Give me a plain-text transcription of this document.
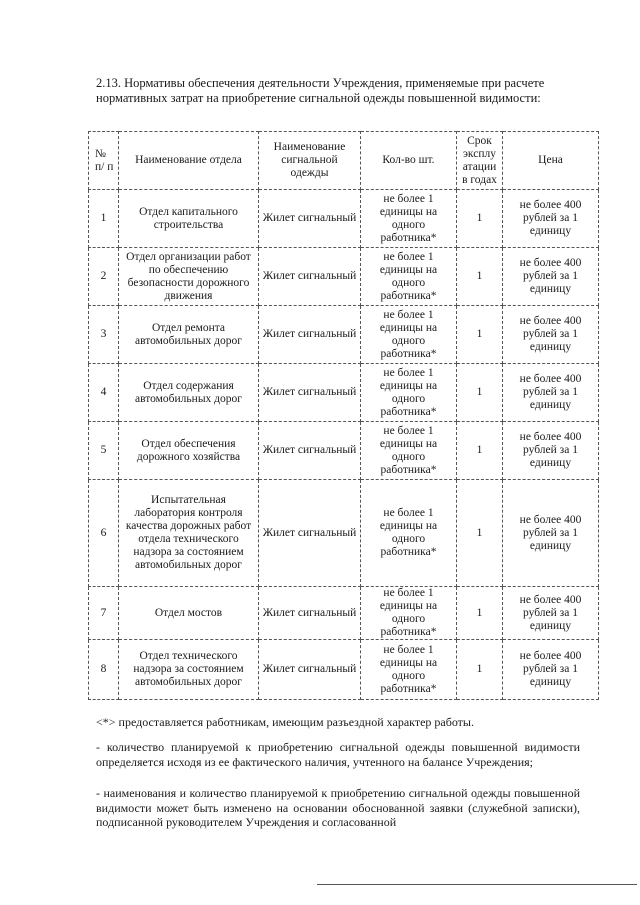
2.13. Нормативы обеспечения деятельности Учреждения, применяемые при расчете
нормативных затрат на приобретение сигнальной одежды повышенной видимости:
№ п/ п	Наименование отдела	Наименование сигнальной одежды	Кол-во шт.	Срок эксплу атации в годах	Цена
1	Отдел капитального строительства	Жилет сигнальный	не более 1 единицы на одного работника*	1	не более 400 рублей за 1 единицу
2	Отдел организации работ по обеспечению безопасности дорожного движения	Жилет сигнальный	не более 1 единицы на одного работника*	1	не более 400 рублей за 1 единицу
3	Отдел ремонта автомобильных дорог	Жилет сигнальный	не более 1 единицы на одного работника*	1	не более 400 рублей за 1 единицу
4	Отдел содержания автомобильных дорог	Жилет сигнальный	не более 1 единицы на одного работника*	1	не более 400 рублей за 1 единицу
5	Отдел обеспечения дорожного хозяйства	Жилет сигнальный	не более 1 единицы на одного работника*	1	не более 400 рублей за 1 единицу
6	Испытательная лаборатория контроля качества дорожных работ отдела технического надзора за состоянием автомобильных дорог	Жилет сигнальный	не более 1 единицы на одного работника*	1	не более 400 рублей за 1 единицу
7	Отдел мостов	Жилет сигнальный	не более 1 единицы на одного работника*	1	не более 400 рублей за 1 единицу
8	Отдел технического надзора за состоянием автомобильных дорог	Жилет сигнальный	не более 1 единицы на одного работника*	1	не более 400 рублей за 1 единицу
<*> предоставляется работникам, имеющим разъездной характер работы.
- количество планируемой к приобретению сигнальной одежды повышенной видимости определяется исходя из ее фактического наличия, учтенного на балансе Учреждения;
- наименования и количество планируемой к приобретению сигнальной одежды повышенной видимости может быть изменено на основании обоснованной заявки (служебной записки), подписанной руководителем Учреждения и согласованной
